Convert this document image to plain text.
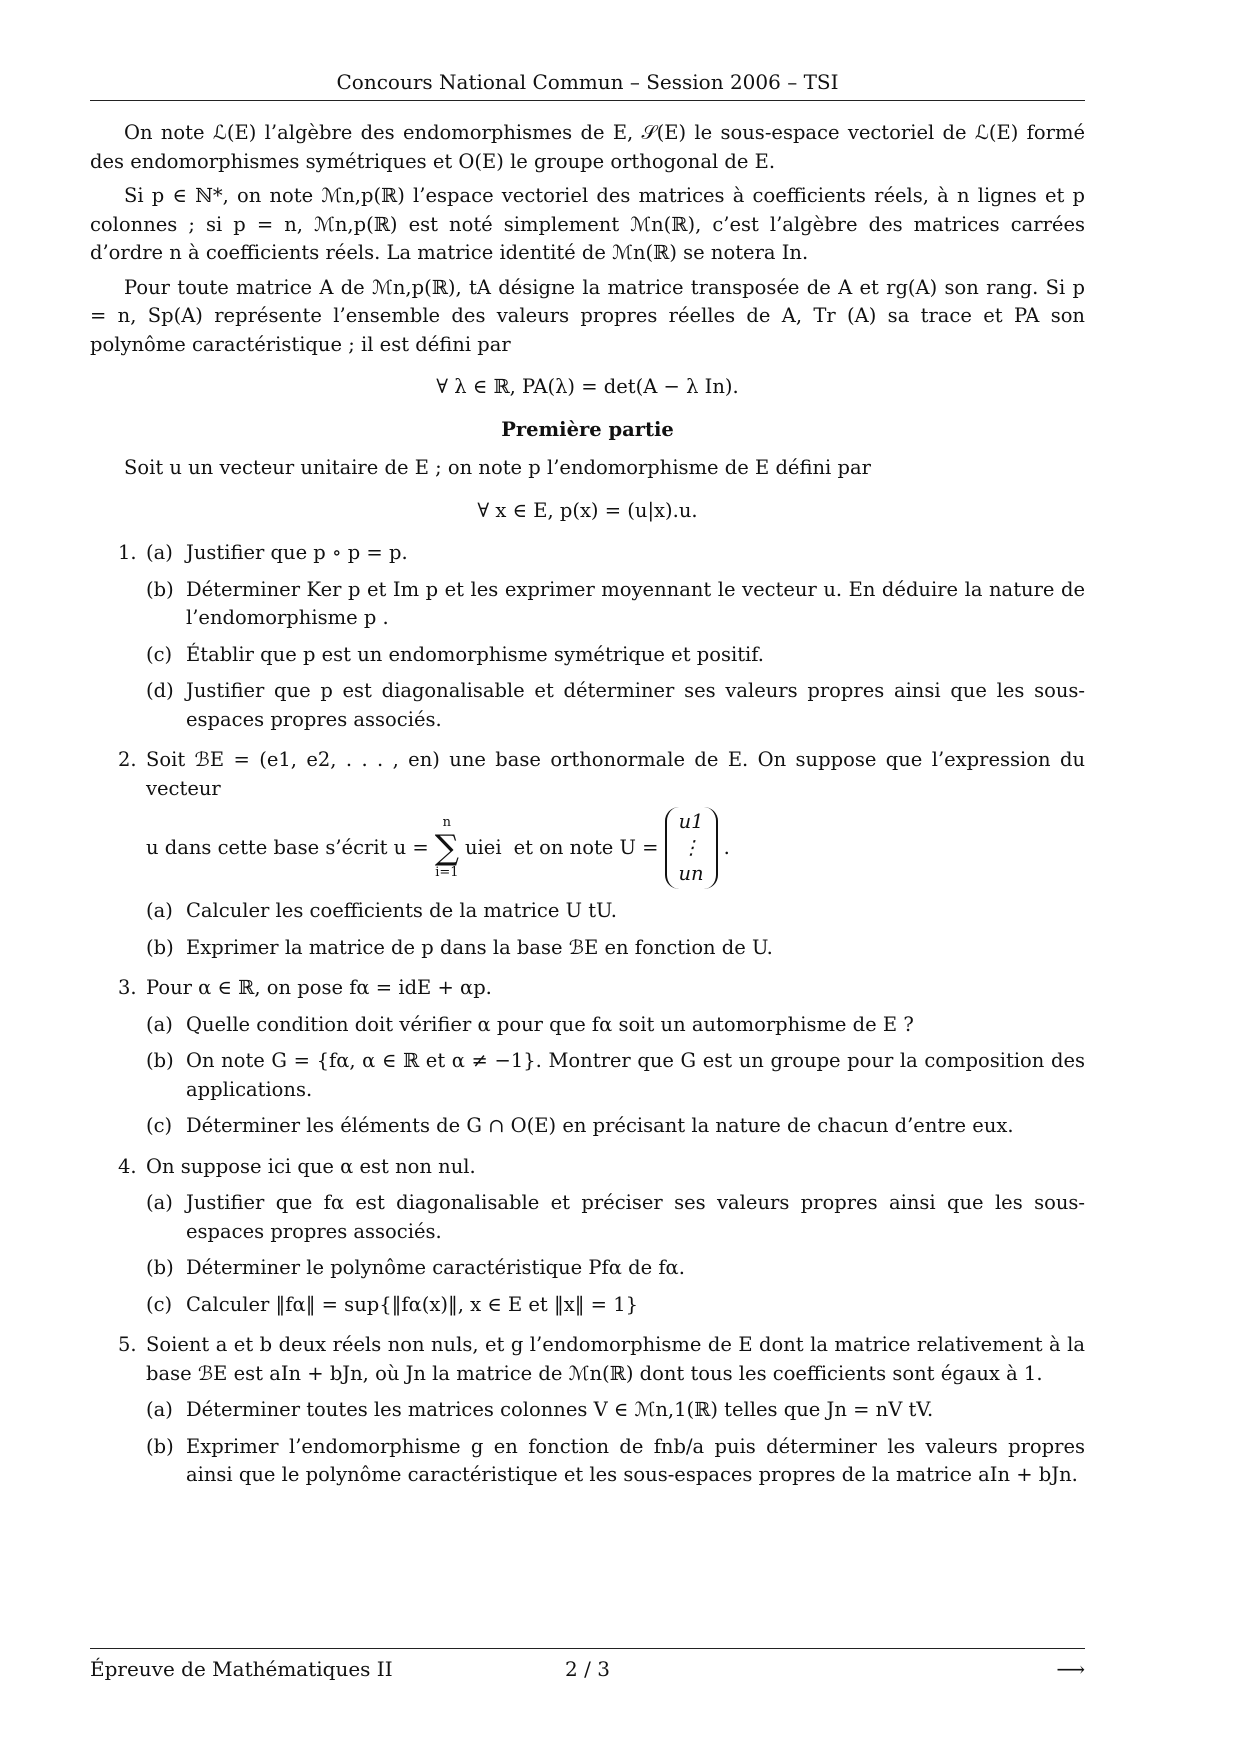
Concours National Commun – Session 2006 – TSI

On note ℒ(E) l’algèbre des endomorphismes de E, 𝒮(E) le sous-espace vectoriel de ℒ(E) formé des endomorphismes symétriques et O(E) le groupe orthogonal de E.

Si p ∈ ℕ*, on note ℳn,p(ℝ) l’espace vectoriel des matrices à coefficients réels, à n lignes et p colonnes ; si p = n, ℳn,p(ℝ) est noté simplement ℳn(ℝ), c’est l’algèbre des matrices carrées d’ordre n à coefficients réels. La matrice identité de ℳn(ℝ) se notera In.

Pour toute matrice A de ℳn,p(ℝ), tA désigne la matrice transposée de A et rg(A) son rang. Si p = n, Sp(A) représente l’ensemble des valeurs propres réelles de A, Tr (A) sa trace et PA son polynôme caractéristique ; il est défini par

∀ λ ∈ ℝ, PA(λ) = det(A − λ In).
Première partie

Soit u un vecteur unitaire de E ; on note p l’endomorphisme de E défini par

∀ x ∈ E, p(x) = (u|x).u.
1. (a) Justifier que p ∘ p = p.
(b) Déterminer Ker p et Im p et les exprimer moyennant le vecteur u. En déduire la nature de l’endomorphisme p .
(c) Établir que p est un endomorphisme symétrique et positif.
(d) Justifier que p est diagonalisable et déterminer ses valeurs propres ainsi que les sous-espaces propres associés.
2. Soit ℬE = (e1, e2, . . . , en) une base orthonormale de E. On suppose que l’expression du vecteur
u dans cette base s’écrit u =
n
∑
i=1
uiei et on note U =
u1
⋮
un
.
(a) Calculer les coefficients de la matrice U tU.
(b) Exprimer la matrice de p dans la base ℬE en fonction de U.
3. Pour α ∈ ℝ, on pose fα = idE + αp.
(a) Quelle condition doit vérifier α pour que fα soit un automorphisme de E ?
(b) On note G = {fα, α ∈ ℝ et α ≠ −1}. Montrer que G est un groupe pour la composition des applications.
(c) Déterminer les éléments de G ∩ O(E) en précisant la nature de chacun d’entre eux.
4. On suppose ici que α est non nul.
(a) Justifier que fα est diagonalisable et préciser ses valeurs propres ainsi que les sous-espaces propres associés.
(b) Déterminer le polynôme caractéristique Pfα de fα.
(c) Calculer ‖fα‖ = sup{‖fα(x)‖, x ∈ E et ‖x‖ = 1}
5. Soient a et b deux réels non nuls, et g l’endomorphisme de E dont la matrice relativement à la base ℬE est aIn + bJn, où Jn la matrice de ℳn(ℝ) dont tous les coefficients sont égaux à 1.
(a) Déterminer toutes les matrices colonnes V ∈ ℳn,1(ℝ) telles que Jn = nV tV.
(b) Exprimer l’endomorphisme g en fonction de fnb/a puis déterminer les valeurs propres ainsi que le polynôme caractéristique et les sous-espaces propres de la matrice aIn + bJn.
Épreuve de Mathématiques II	2 / 3	⟶
